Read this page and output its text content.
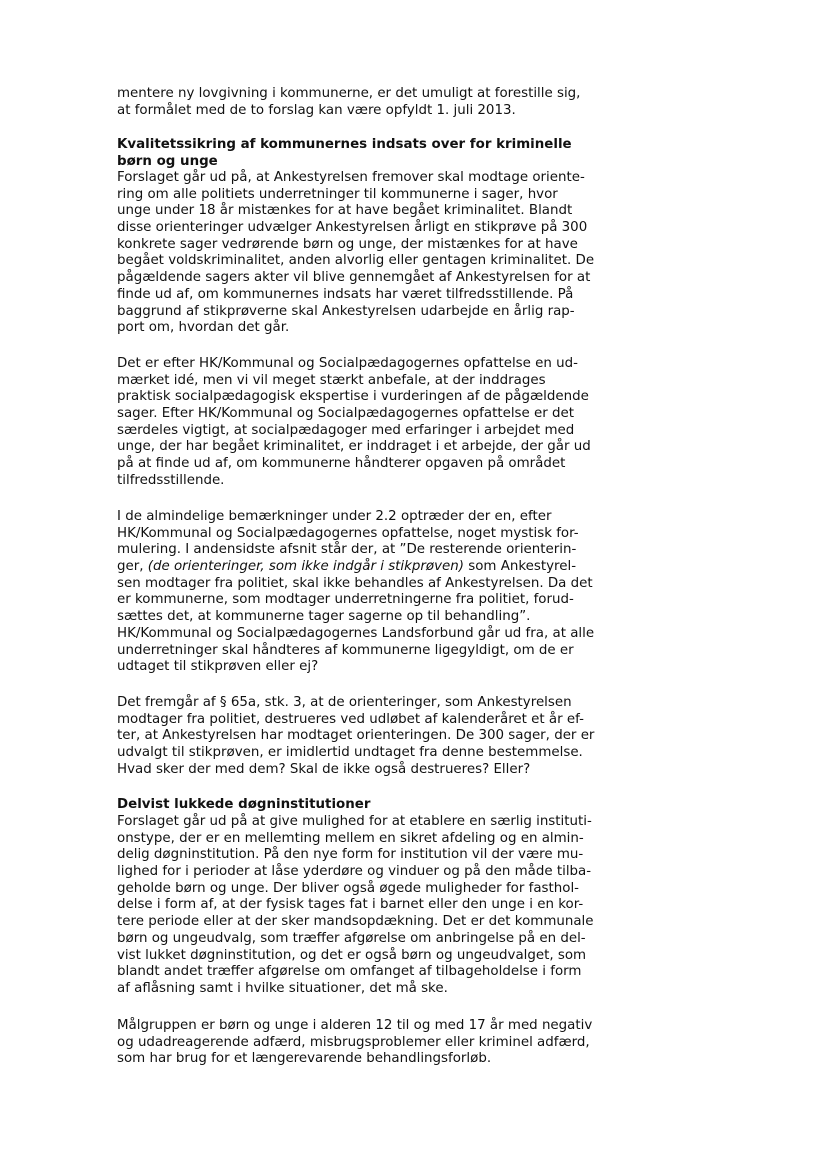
mentere ny lovgivning i kommunerne, er det umuligt at forestille sig,
at formålet med de to forslag kan være opfyldt 1. juli 2013.
Kvalitetssikring af kommunernes indsats over for kriminelle
børn og unge
Forslaget går ud på, at Ankestyrelsen fremover skal modtage oriente-
ring om alle politiets underretninger til kommunerne i sager, hvor
unge under 18 år mistænkes for at have begået kriminalitet. Blandt
disse orienteringer udvælger Ankestyrelsen årligt en stikprøve på 300
konkrete sager vedrørende børn og unge, der mistænkes for at have
begået voldskriminalitet, anden alvorlig eller gentagen kriminalitet. De
pågældende sagers akter vil blive gennemgået af Ankestyrelsen for at
finde ud af, om kommunernes indsats har været tilfredsstillende. På
baggrund af stikprøverne skal Ankestyrelsen udarbejde en årlig rap-
port om, hvordan det går.
Det er efter HK/Kommunal og Socialpædagogernes opfattelse en ud-
mærket idé, men vi vil meget stærkt anbefale, at der inddrages
praktisk socialpædagogisk ekspertise i vurderingen af de pågældende
sager. Efter HK/Kommunal og Socialpædagogernes opfattelse er det
særdeles vigtigt, at socialpædagoger med erfaringer i arbejdet med
unge, der har begået kriminalitet, er inddraget i et arbejde, der går ud
på at finde ud af, om kommunerne håndterer opgaven på området
tilfredsstillende.
I de almindelige bemærkninger under 2.2 optræder der en, efter
HK/Kommunal og Socialpædagogernes opfattelse, noget mystisk for-
mulering. I andensidste afsnit står der, at ”De resterende orienterin-
ger, (de orienteringer, som ikke indgår i stikprøven) som Ankestyrel-
sen modtager fra politiet, skal ikke behandles af Ankestyrelsen. Da det
er kommunerne, som modtager underretningerne fra politiet, forud-
sættes det, at kommunerne tager sagerne op til behandling”.
HK/Kommunal og Socialpædagogernes Landsforbund går ud fra, at alle
underretninger skal håndteres af kommunerne ligegyldigt, om de er
udtaget til stikprøven eller ej?
Det fremgår af § 65a, stk. 3, at de orienteringer, som Ankestyrelsen
modtager fra politiet, destrueres ved udløbet af kalenderåret et år ef-
ter, at Ankestyrelsen har modtaget orienteringen. De 300 sager, der er
udvalgt til stikprøven, er imidlertid undtaget fra denne bestemmelse.
Hvad sker der med dem? Skal de ikke også destrueres? Eller?
Delvist lukkede døgninstitutioner
Forslaget går ud på at give mulighed for at etablere en særlig instituti-
onstype, der er en mellemting mellem en sikret afdeling og en almin-
delig døgninstitution. På den nye form for institution vil der være mu-
lighed for i perioder at låse yderdøre og vinduer og på den måde tilba-
geholde børn og unge. Der bliver også øgede muligheder for fasthol-
delse i form af, at der fysisk tages fat i barnet eller den unge i en kor-
tere periode eller at der sker mandsopdækning. Det er det kommunale
børn og ungeudvalg, som træffer afgørelse om anbringelse på en del-
vist lukket døgninstitution, og det er også børn og ungeudvalget, som
blandt andet træffer afgørelse om omfanget af tilbageholdelse i form
af aflåsning samt i hvilke situationer, det må ske.
Målgruppen er børn og unge i alderen 12 til og med 17 år med negativ
og udadreagerende adfærd, misbrugsproblemer eller kriminel adfærd,
som har brug for et længerevarende behandlingsforløb.
